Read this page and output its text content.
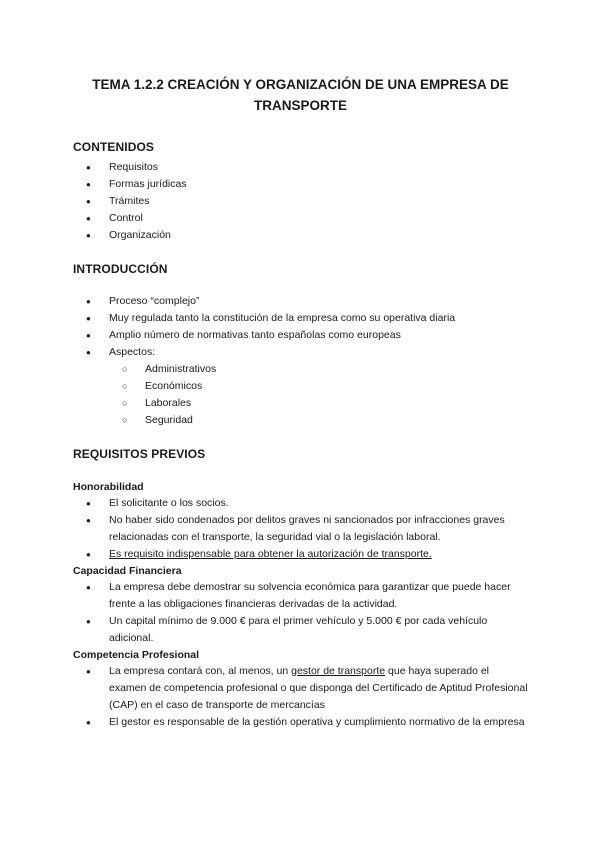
TEMA 1.2.2 CREACIÓN Y ORGANIZACIÓN DE UNA EMPRESA DE
TRANSPORTE
CONTENIDOS
● Requisitos
● Formas jurídicas
● Trámites
● Control
● Organización
INTRODUCCIÓN
● Proceso “complejo”
● Muy regulada tanto la constitución de la empresa como su operativa diaria
● Amplio número de normativas tanto españolas como europeas
● Aspectos:
○ Administrativos
○ Económicos
○ Laborales
○ Seguridad
REQUISITOS PREVIOS
Honorabilidad
● El solicitante o los socios.
● No haber sido condenados por delitos graves ni sancionados por infracciones graves relacionadas con el transporte, la seguridad vial o la legislación laboral.
● Es requisito indispensable para obtener la autorización de transporte.
Capacidad Financiera
● La empresa debe demostrar su solvencia económica para garantizar que puede hacer frente a las obligaciones financieras derivadas de la actividad.
● Un capital mínimo de 9.000 € para el primer vehículo y 5.000 € por cada vehículo adicional.
Competencia Profesional
● La empresa contará con, al menos, un gestor de transporte que haya superado el examen de competencia profesional o que disponga del Certificado de Aptitud Profesional (CAP) en el caso de transporte de mercancías
● El gestor es responsable de la gestión operativa y cumplimiento normativo de la empresa
